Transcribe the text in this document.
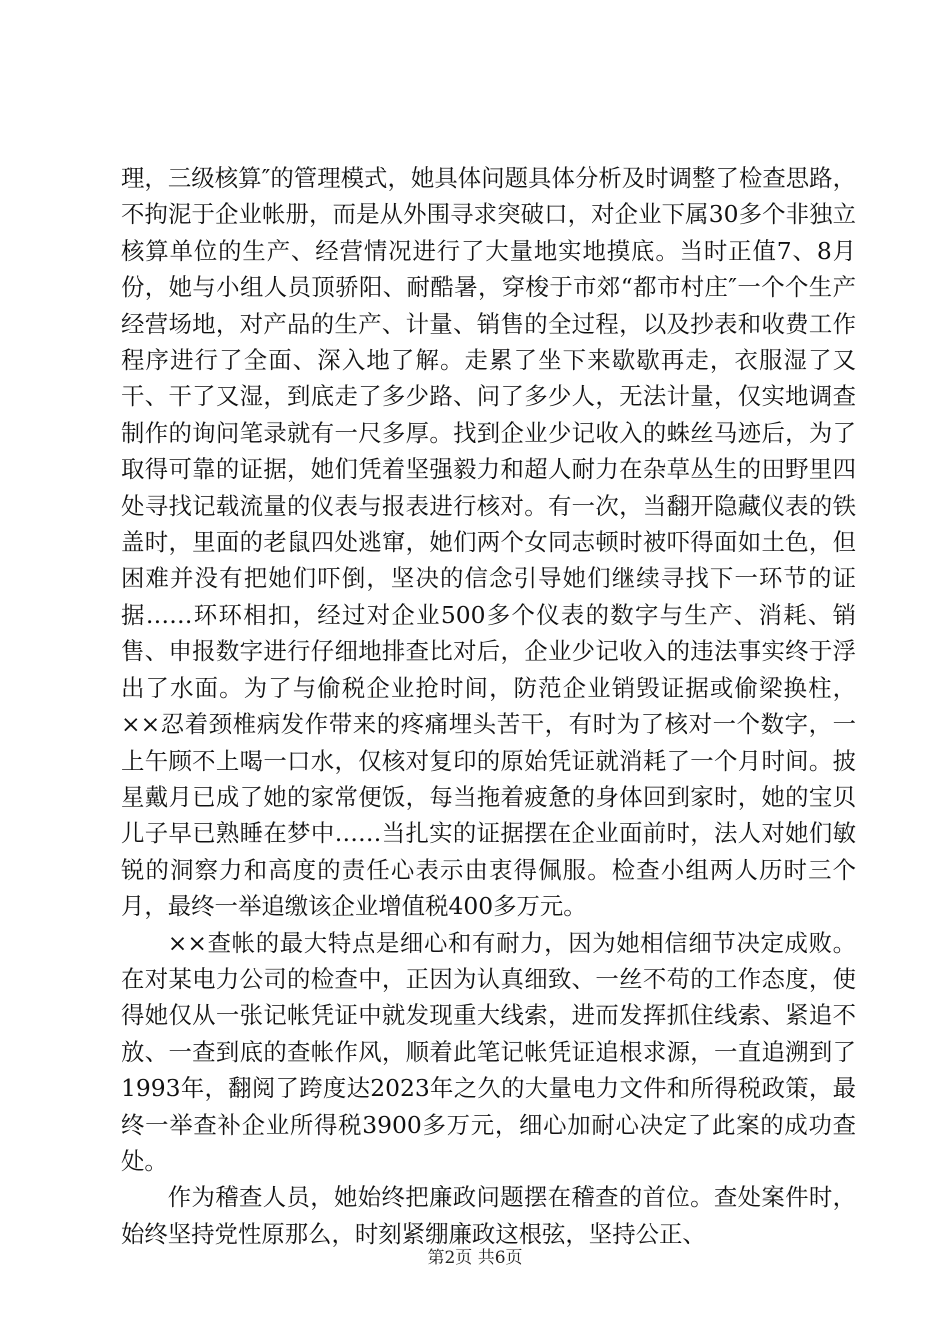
理，三级核算″的管理模式，她具体问题具体分析及时调整了检查思路，不拘泥于企业帐册，而是从外围寻求突破口，对企业下属30多个非独立核算单位的生产、经营情况进行了大量地实地摸底。当时正值7、8月份，她与小组人员顶骄阳、耐酷暑，穿梭于市郊“都市村庄″一个个生产经营场地，对产品的生产、计量、销售的全过程，以及抄表和收费工作程序进行了全面、深入地了解。走累了坐下来歇歇再走，衣服湿了又干、干了又湿，到底走了多少路、问了多少人，无法计量，仅实地调查制作的询问笔录就有一尺多厚。找到企业少记收入的蛛丝马迹后，为了取得可靠的证据，她们凭着坚强毅力和超人耐力在杂草丛生的田野里四处寻找记载流量的仪表与报表进行核对。有一次，当翻开隐藏仪表的铁盖时，里面的老鼠四处逃窜，她们两个女同志顿时被吓得面如土色，但困难并没有把她们吓倒，坚决的信念引导她们继续寻找下一环节的证据……环环相扣，经过对企业500多个仪表的数字与生产、消耗、销售、申报数字进行仔细地排查比对后，企业少记收入的违法事实终于浮出了水面。为了与偷税企业抢时间，防范企业销毁证据或偷梁换柱，××忍着颈椎病发作带来的疼痛埋头苦干，有时为了核对一个数字，一上午顾不上喝一口水，仅核对复印的原始凭证就消耗了一个月时间。披星戴月已成了她的家常便饭，每当拖着疲惫的身体回到家时，她的宝贝儿子早已熟睡在梦中……当扎实的证据摆在企业面前时，法人对她们敏锐的洞察力和高度的责任心表示由衷得佩服。检查小组两人历时三个月，最终一举追缴该企业增值税400多万元。

××查帐的最大特点是细心和有耐力，因为她相信细节决定成败。在对某电力公司的检查中，正因为认真细致、一丝不苟的工作态度，使得她仅从一张记帐凭证中就发现重大线索，进而发挥抓住线索、紧追不放、一查到底的查帐作风，顺着此笔记帐凭证追根求源，一直追溯到了1993年，翻阅了跨度达2023年之久的大量电力文件和所得税政策，最终一举查补企业所得税3900多万元，细心加耐心决定了此案的成功查处。

作为稽查人员，她始终把廉政问题摆在稽查的首位。查处案件时，始终坚持党性原那么，时刻紧绷廉政这根弦，坚持公正、

第2页 共6页
